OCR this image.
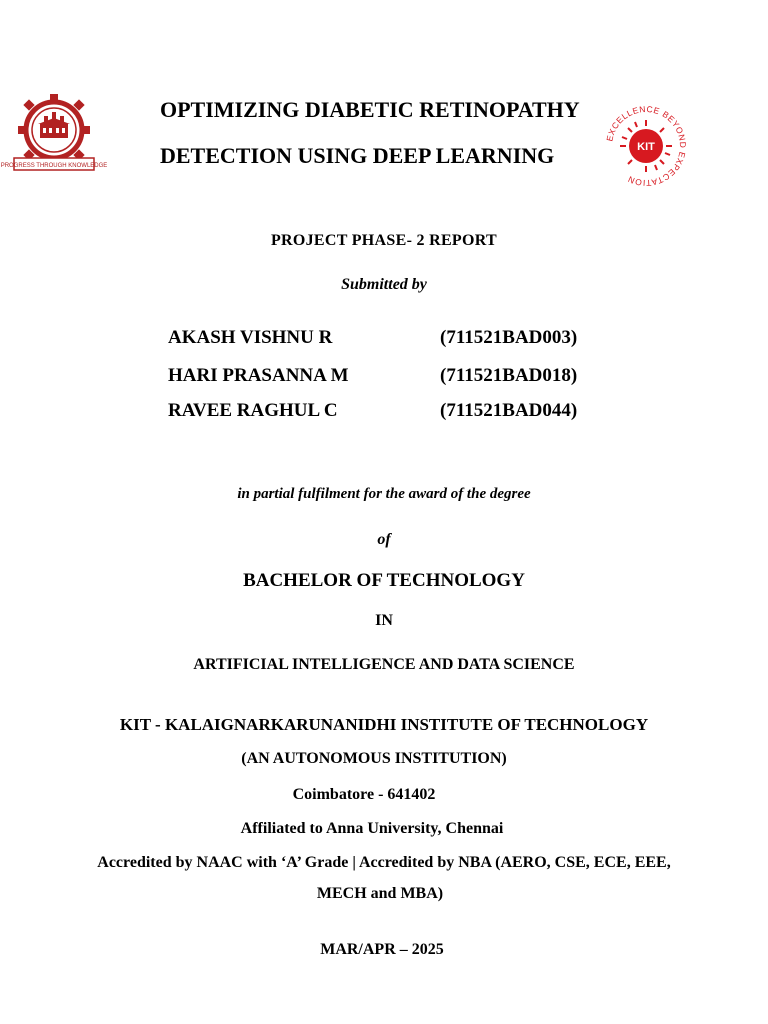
PROGRESS THROUGH KNOWLEDGE
OPTIMIZING DIABETIC RETINOPATHY
DETECTION USING DEEP LEARNING
EXCELLENCE BEYOND EXPECTATION
KIT
PROJECT PHASE- 2 REPORT
Submitted by
AKASH VISHNU R	(711521BAD003)
HARI PRASANNA M	(711521BAD018)
RAVEE RAGHUL C	(711521BAD044)
in partial fulfilment for the award of the degree
of
BACHELOR OF TECHNOLOGY
IN
ARTIFICIAL INTELLIGENCE AND DATA SCIENCE
KIT - KALAIGNARKARUNANIDHI INSTITUTE OF TECHNOLOGY
(AN AUTONOMOUS INSTITUTION)
Coimbatore - 641402
Affiliated to Anna University, Chennai
Accredited by NAAC with ‘A’ Grade | Accredited by NBA (AERO, CSE, ECE, EEE,
MECH and MBA)
MAR/APR – 2025
